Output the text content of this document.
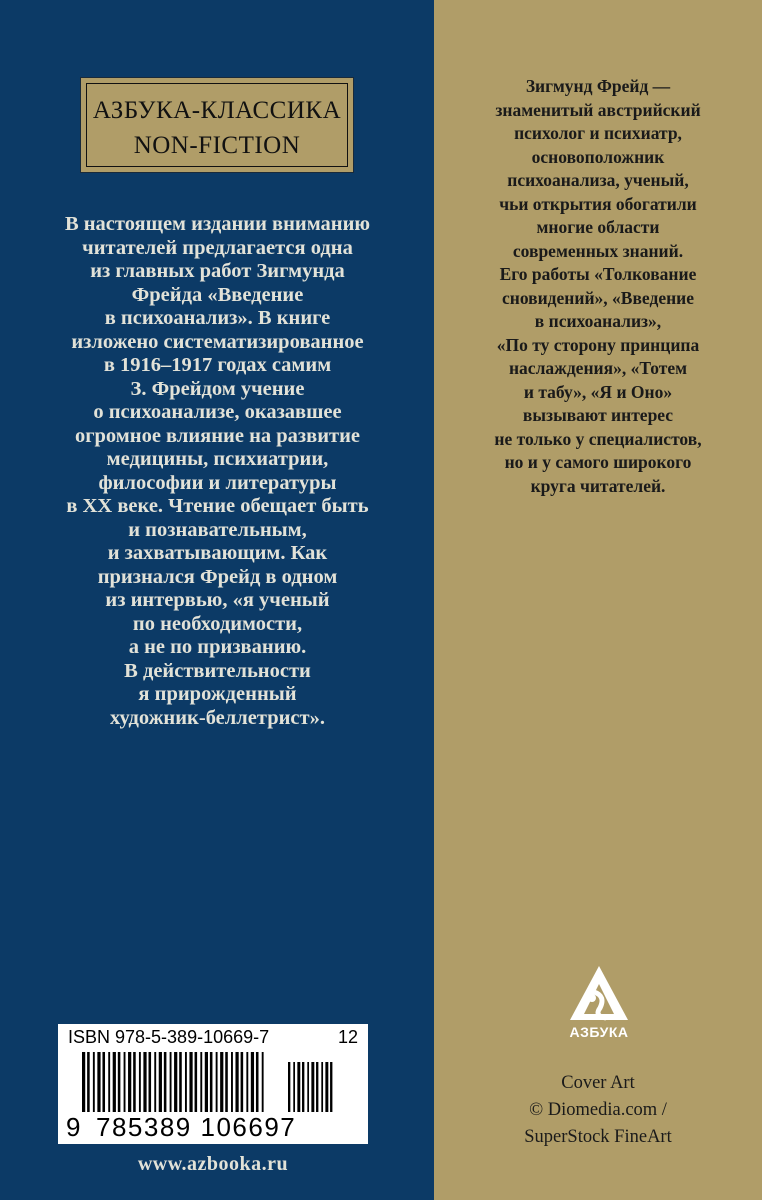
АЗБУКА-КЛАССИКА
NON-FICTION
В настоящем издании вниманию
читателей предлагается одна
из главных работ Зигмунда
Фрейда «Введение
в психоанализ». В книге
изложено систематизированное
в 1916–1917 годах самим
З. Фрейдом учение
о психоанализе, оказавшее
огромное влияние на развитие
медицины, психиатрии,
философии и литературы
в XX веке. Чтение обещает быть
и познавательным,
и захватывающим. Как
признался Фрейд в одном
из интервью, «я ученый
по необходимости,
а не по призванию.
В действительности
я прирожденный
художник-беллетрист».
Зигмунд Фрейд —
знаменитый австрийский
психолог и психиатр,
основоположник
психоанализа, ученый,
чьи открытия обогатили
многие области
современных знаний.
Его работы «Толкование
сновидений», «Введение
в психоанализ»,
«По ту сторону принципа
наслаждения», «Тотем
и табу», «Я и Оно»
вызывают интерес
не только у специалистов,
но и у самого широкого
круга читателей.
АЗБУКА
Cover Art
© Diomedia.com /
SuperStock FineArt
ISBN 978-5-389-10669-7	12
9 785389 106697
www.azbooka.ru
